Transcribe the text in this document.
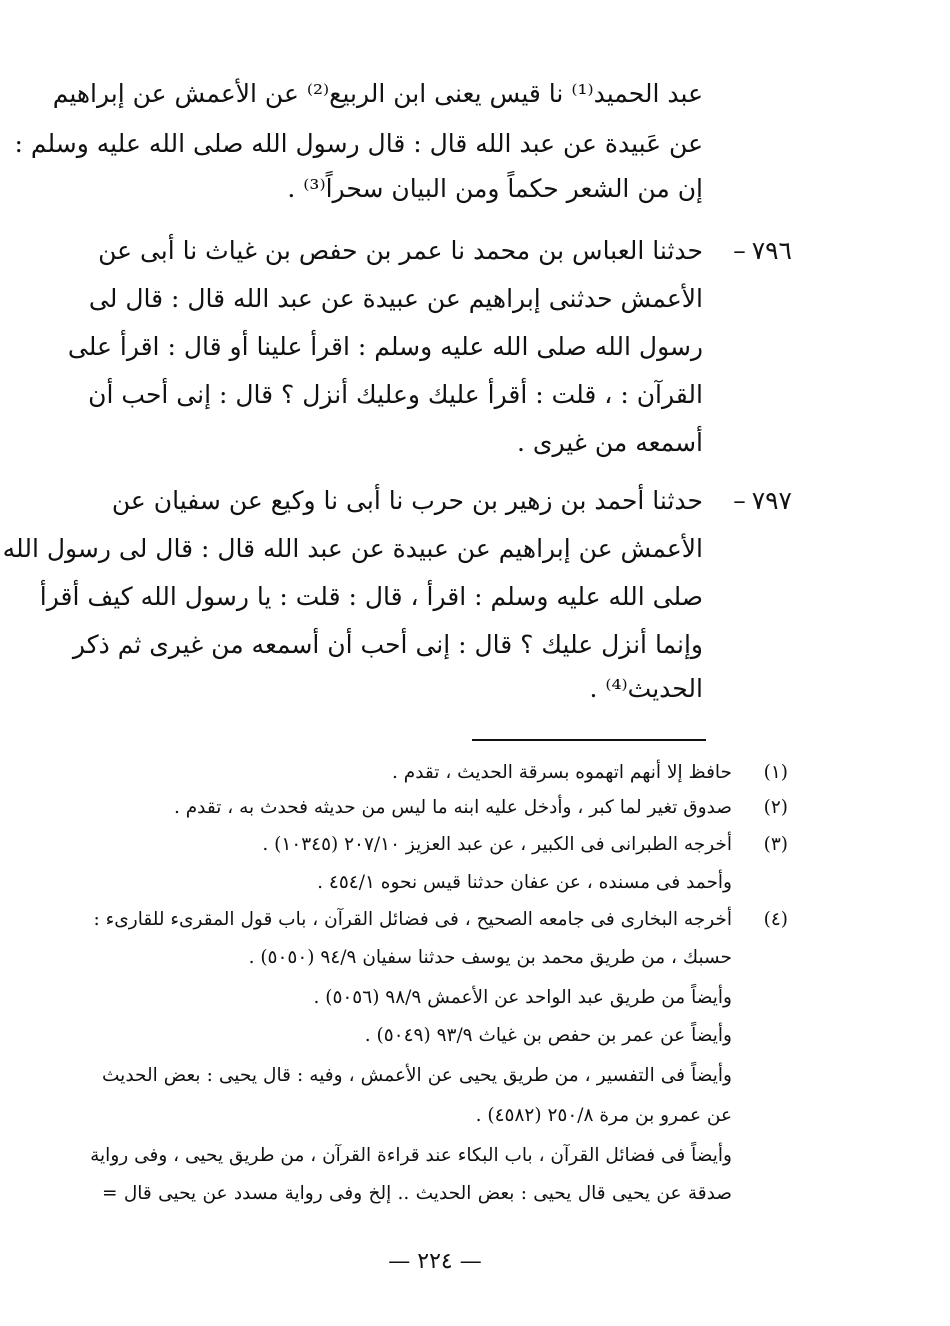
عبد الحميد⁽¹⁾ نا قيس يعنى ابن الربيع⁽²⁾ عن الأعمش عن إبراهيم
عن عَبيدة عن عبد الله قال : قال رسول الله صلى الله عليه وسلم :
إن من الشعر حكماً ومن البيان سحراً⁽³⁾ .
٧٩٦–
حدثنا العباس بن محمد نا عمر بن حفص بن غياث نا أبى عن
الأعمش حدثنى إبراهيم عن عبيدة عن عبد الله قال : قال لى
رسول الله صلى الله عليه وسلم : اقرأ علينا أو قال : اقرأ على
القرآن : ، قلت : أقرأ عليك وعليك أنزل ؟ قال : إنى أحب أن
أسمعه من غيرى .
٧٩٧–
حدثنا أحمد بن زهير بن حرب نا أبى نا وكيع عن سفيان عن
الأعمش عن إبراهيم عن عبيدة عن عبد الله قال : قال لى رسول الله
صلى الله عليه وسلم : اقرأ ، قال : قلت : يا رسول الله كيف أقرأ
وإنما أنزل عليك ؟ قال : إنى أحب أن أسمعه من غيرى ثم ذكر
الحديث⁽⁴⁾ .
(١)
حافظ إلا أنهم اتهموه بسرقة الحديث ، تقدم .
(٢)
صدوق تغير لما كبر ، وأدخل عليه ابنه ما ليس من حديثه فحدث به ، تقدم .
(٣)
أخرجه الطبرانى فى الكبير ، عن عبد العزيز ٢٠٧/١٠ (١٠٣٤٥) .
وأحمد فى مسنده ، عن عفان حدثنا قيس نحوه ٤٥٤/١ .
(٤)
أخرجه البخارى فى جامعه الصحيح ، فى فضائل القرآن ، باب قول المقرىء للقارىء :
حسبك ، من طريق محمد بن يوسف حدثنا سفيان ٩٤/٩ (٥٠٥٠) .
وأيضاً من طريق عبد الواحد عن الأعمش ٩٨/٩ (٥٠٥٦) .
وأيضاً عن عمر بن حفص بن غياث ٩٣/٩ (٥٠٤٩) .
وأيضاً فى التفسير ، من طريق يحيى عن الأعمش ، وفيه : قال يحيى : بعض الحديث
عن عمرو بن مرة ٢٥٠/٨ (٤٥٨٢) .
وأيضاً فى فضائل القرآن ، باب البكاء عند قراءة القرآن ، من طريق يحيى ، وفى رواية
صدقة عن يحيى قال يحيى : بعض الحديث .. إلخ وفى رواية مسدد عن يحيى قال =
— ٢٢٤ —
